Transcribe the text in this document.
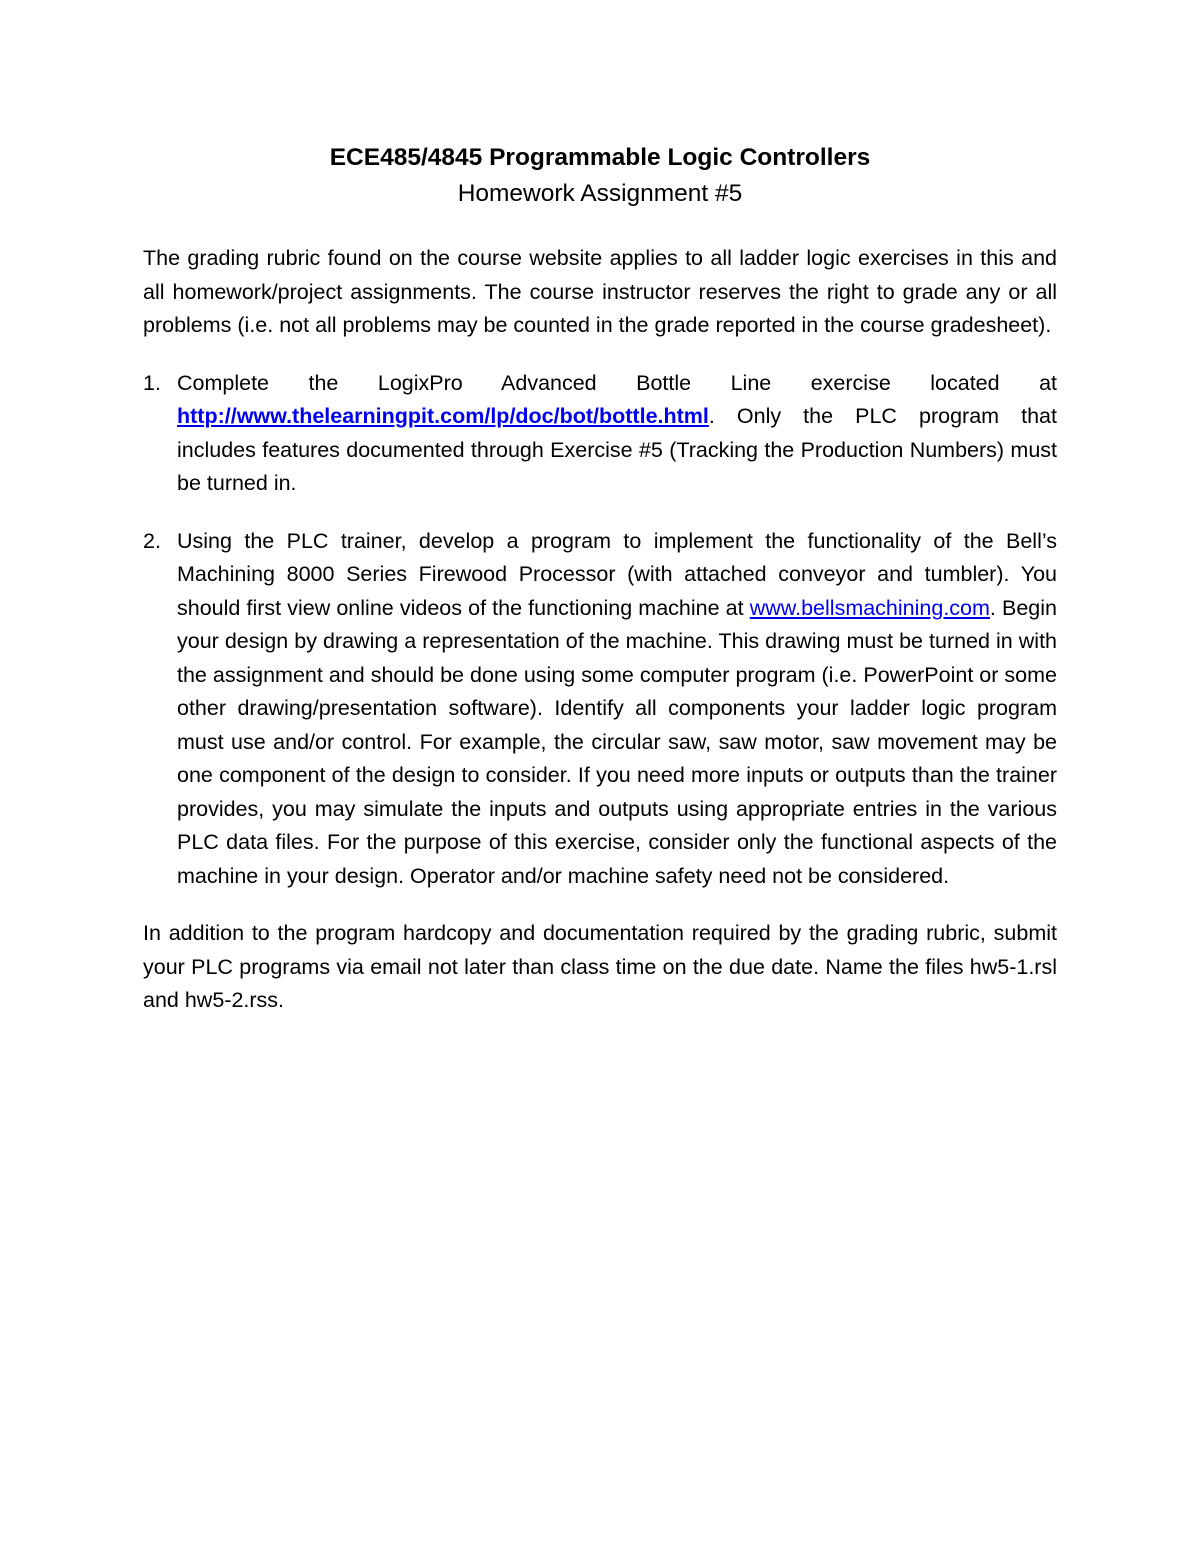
ECE485/4845 Programmable Logic Controllers
Homework Assignment #5

The grading rubric found on the course website applies to all ladder logic exercises in this and all homework/project assignments. The course instructor reserves the right to grade any or all problems (i.e. not all problems may be counted in the grade reported in the course gradesheet).

1. Complete the LogixPro Advanced Bottle Line exercise located at http://www.thelearningpit.com/lp/doc/bot/bottle.html. Only the PLC program that includes features documented through Exercise #5 (Tracking the Production Numbers) must be turned in.
2. Using the PLC trainer, develop a program to implement the functionality of the Bell’s Machining 8000 Series Firewood Processor (with attached conveyor and tumbler). You should first view online videos of the functioning machine at www.bellsmachining.com. Begin your design by drawing a representation of the machine. This drawing must be turned in with the assignment and should be done using some computer program (i.e. PowerPoint or some other drawing/presentation software). Identify all components your ladder logic program must use and/or control. For example, the circular saw, saw motor, saw movement may be one component of the design to consider. If you need more inputs or outputs than the trainer provides, you may simulate the inputs and outputs using appropriate entries in the various PLC data files. For the purpose of this exercise, consider only the functional aspects of the machine in your design. Operator and/or machine safety need not be considered.

In addition to the program hardcopy and documentation required by the grading rubric, submit your PLC programs via email not later than class time on the due date. Name the files hw5-1.rsl and hw5-2.rss.
